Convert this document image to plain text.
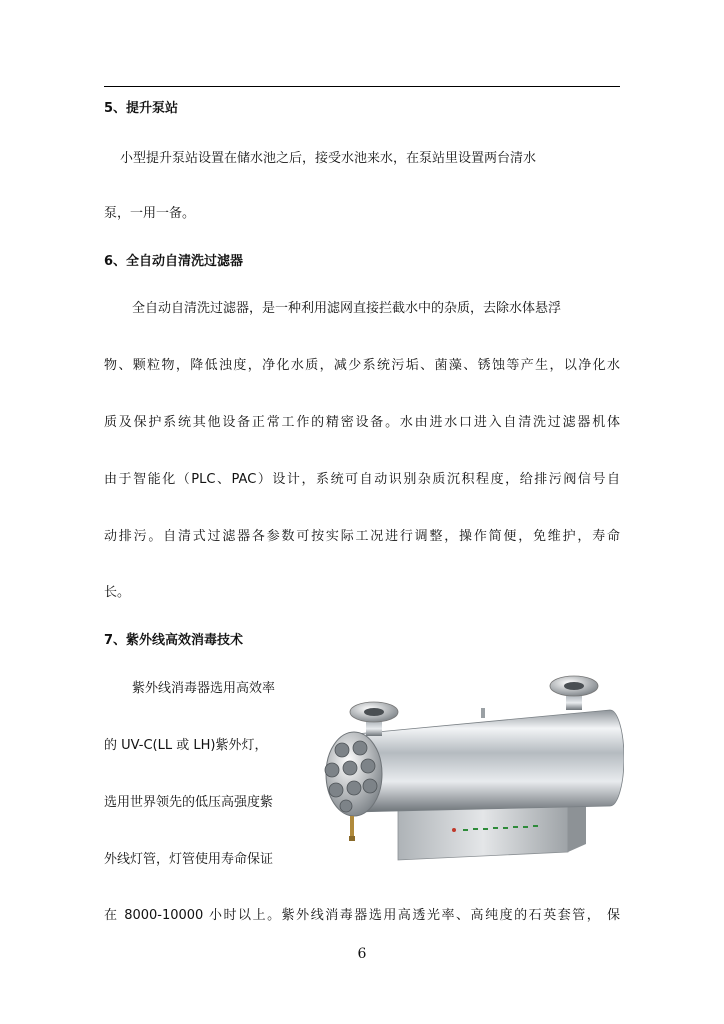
5、提升泵站
小型提升泵站设置在储水池之后，接受水池来水，在泵站里设置两台清水
泵，一用一备。
6、全自动自清洗过滤器
全自动自清洗过滤器，是一种利用滤网直接拦截水中的杂质，去除水体悬浮
物、颗粒物，降低浊度，净化水质，减少系统污垢、菌藻、锈蚀等产生，以净化水
质及保护系统其他设备正常工作的精密设备。水由进水口进入自清洗过滤器机体
由于智能化（PLC、PAC）设计，系统可自动识别杂质沉积程度，给排污阀信号自
动排污。自清式过滤器各参数可按实际工况进行调整，操作简便，免维护，寿命
长。
7、紫外线高效消毒技术
紫外线消毒器选用高效率
的 UV-C(LL 或 LH)紫外灯，
选用世界领先的低压高强度紫
外线灯管，灯管使用寿命保证
在 8000-10000 小时以上。紫外线消毒器选用高透光率、高纯度的石英套管， 保
6
